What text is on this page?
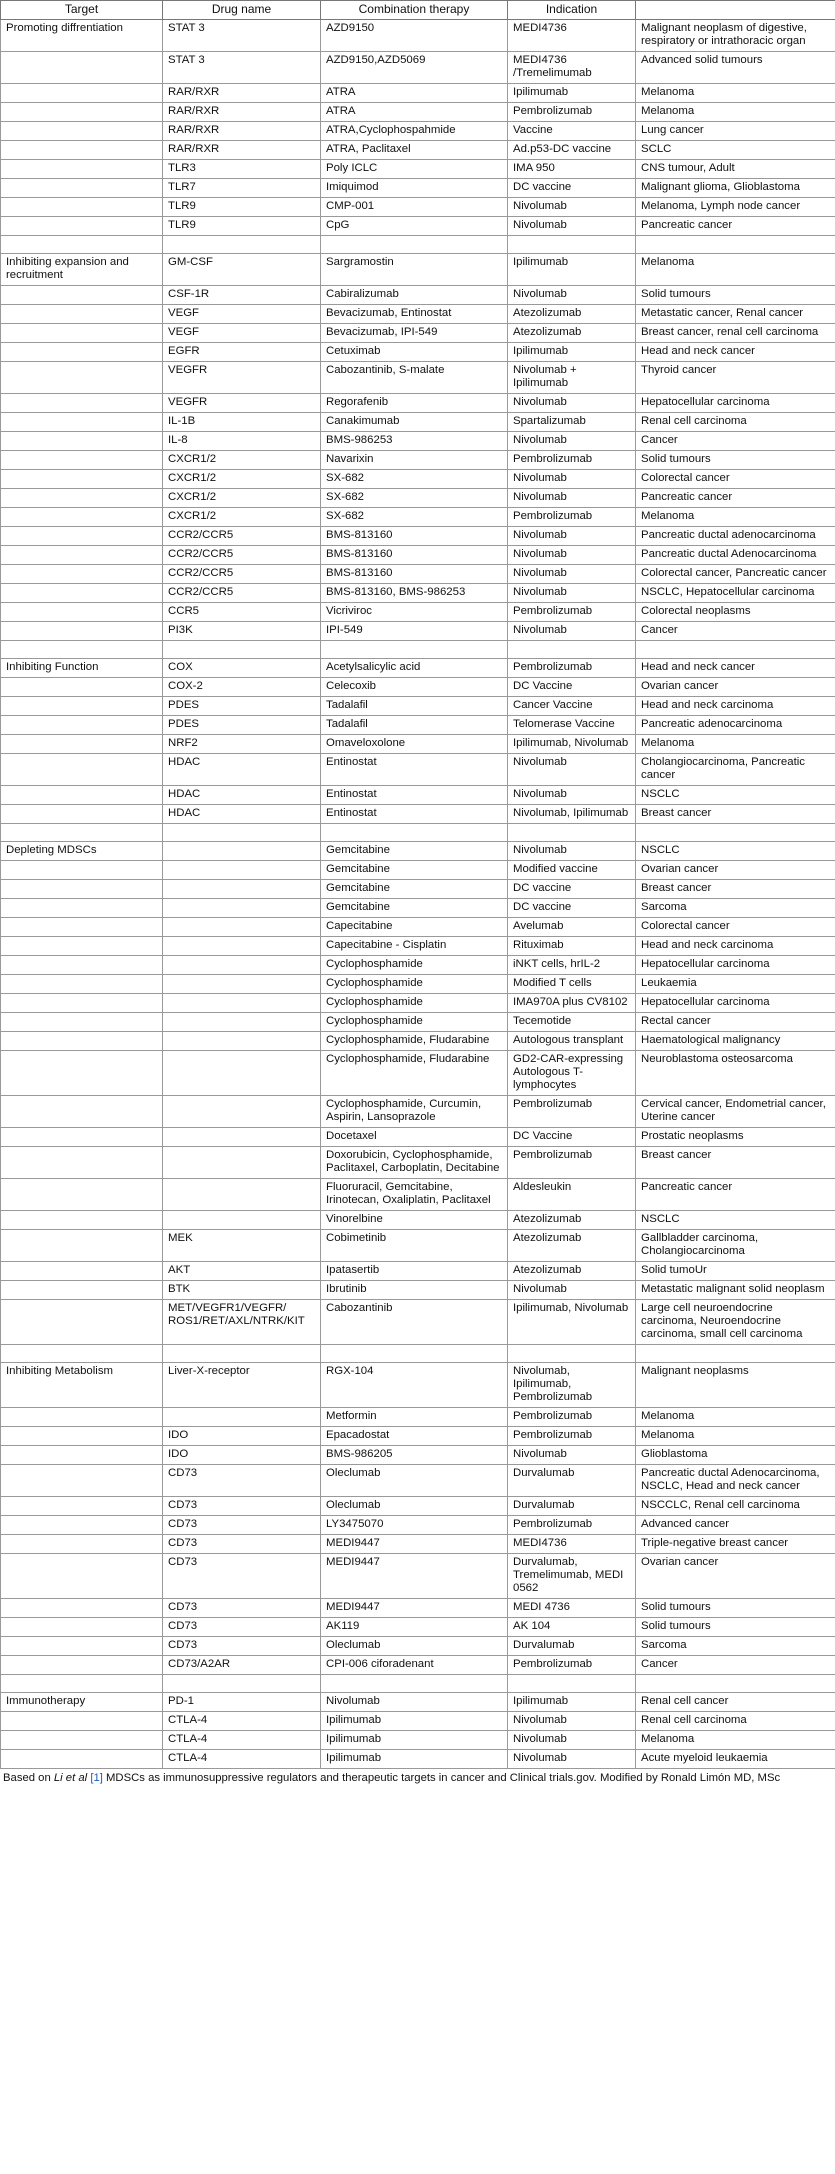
Target	Drug name	Combination therapy	Indication	
Promoting diffrentiation	STAT 3	AZD9150	MEDI4736	Malignant neoplasm of digestive, respiratory or intrathoracic organ
	STAT 3	AZD9150,AZD5069	MEDI4736 /Tremelimumab	Advanced solid tumours
	RAR/RXR	ATRA	Ipilimumab	Melanoma
	RAR/RXR	ATRA	Pembrolizumab	Melanoma
	RAR/RXR	ATRA,Cyclophospahmide	Vaccine	Lung cancer
	RAR/RXR	ATRA, Paclitaxel	Ad.p53-DC vaccine	SCLC
	TLR3	Poly ICLC	IMA 950	CNS tumour, Adult
	TLR7	Imiquimod	DC vaccine	Malignant glioma, Glioblastoma
	TLR9	CMP-001	Nivolumab	Melanoma, Lymph node cancer
	TLR9	CpG	Nivolumab	Pancreatic cancer

Inhibiting expansion and recruitment	GM-CSF	Sargramostin	Ipilimumab	Melanoma
	CSF-1R	Cabiralizumab	Nivolumab	Solid tumours
	VEGF	Bevacizumab, Entinostat	Atezolizumab	Metastatic cancer, Renal cancer
	VEGF	Bevacizumab, IPI-549	Atezolizumab	Breast cancer, renal cell carcinoma
	EGFR	Cetuximab	Ipilimumab	Head and neck cancer
	VEGFR	Cabozantinib, S-malate	Nivolumab + Ipilimumab	Thyroid cancer
	VEGFR	Regorafenib	Nivolumab	Hepatocellular carcinoma
	IL-1B	Canakimumab	Spartalizumab	Renal cell carcinoma
	IL-8	BMS-986253	Nivolumab	Cancer
	CXCR1/2	Navarixin	Pembrolizumab	Solid tumours
	CXCR1/2	SX-682	Nivolumab	Colorectal cancer
	CXCR1/2	SX-682	Nivolumab	Pancreatic cancer
	CXCR1/2	SX-682	Pembrolizumab	Melanoma
	CCR2/CCR5	BMS-813160	Nivolumab	Pancreatic ductal adenocarcinoma
	CCR2/CCR5	BMS-813160	Nivolumab	Pancreatic ductal Adenocarcinoma
	CCR2/CCR5	BMS-813160	Nivolumab	Colorectal cancer, Pancreatic cancer
	CCR2/CCR5	BMS-813160, BMS-986253	Nivolumab	NSCLC, Hepatocellular carcinoma
	CCR5	Vicriviroc	Pembrolizumab	Colorectal neoplasms
	PI3K	IPI-549	Nivolumab	Cancer

Inhibiting Function	COX	Acetylsalicylic acid	Pembrolizumab	Head and neck cancer
	COX-2	Celecoxib	DC Vaccine	Ovarian cancer
	PDES	Tadalafil	Cancer Vaccine	Head and neck carcinoma
	PDES	Tadalafil	Telomerase Vaccine	Pancreatic adenocarcinoma
	NRF2	Omaveloxolone	Ipilimumab, Nivolumab	Melanoma
	HDAC	Entinostat	Nivolumab	Cholangiocarcinoma, Pancreatic cancer
	HDAC	Entinostat	Nivolumab	NSCLC
	HDAC	Entinostat	Nivolumab, Ipilimumab	Breast cancer

Depleting MDSCs		Gemcitabine	Nivolumab	NSCLC
		Gemcitabine	Modified vaccine	Ovarian cancer
		Gemcitabine	DC vaccine	Breast cancer
		Gemcitabine	DC vaccine	Sarcoma
		Capecitabine	Avelumab	Colorectal cancer
		Capecitabine - Cisplatin	Rituximab	Head and neck carcinoma
		Cyclophosphamide	iNKT cells, hrIL-2	Hepatocellular carcinoma
		Cyclophosphamide	Modified T cells	Leukaemia
		Cyclophosphamide	IMA970A plus CV8102	Hepatocellular carcinoma
		Cyclophosphamide	Tecemotide	Rectal cancer
		Cyclophosphamide, Fludarabine	Autologous transplant	Haematological malignancy
		Cyclophosphamide, Fludarabine	GD2-CAR-expressing Autologous T-lymphocytes	Neuroblastoma osteosarcoma
		Cyclophosphamide, Curcumin, Aspirin, Lansoprazole	Pembrolizumab	Cervical cancer, Endometrial cancer, Uterine cancer
		Docetaxel	DC Vaccine	Prostatic neoplasms
		Doxorubicin, Cyclophosphamide, Paclitaxel, Carboplatin, Decitabine	Pembrolizumab	Breast cancer
		Fluoruracil, Gemcitabine, Irinotecan, Oxaliplatin, Paclitaxel	Aldesleukin	Pancreatic cancer
		Vinorelbine	Atezolizumab	NSCLC
	MEK	Cobimetinib	Atezolizumab	Gallbladder carcinoma, Cholangiocarcinoma
	AKT	Ipatasertib	Atezolizumab	Solid tumoUr
	BTK	Ibrutinib	Nivolumab	Metastatic malignant solid neoplasm
	MET/VEGFR1/VEGFR/ ROS1/RET/AXL/NTRK/KIT	Cabozantinib	Ipilimumab, Nivolumab	Large cell neuroendocrine carcinoma, Neuroendocrine carcinoma, small cell carcinoma

Inhibiting Metabolism	Liver-X-receptor	RGX-104	Nivolumab, Ipilimumab, Pembrolizumab	Malignant neoplasms
		Metformin	Pembrolizumab	Melanoma
	IDO	Epacadostat	Pembrolizumab	Melanoma
	IDO	BMS-986205	Nivolumab	Glioblastoma
	CD73	Oleclumab	Durvalumab	Pancreatic ductal Adenocarcinoma, NSCLC, Head and neck cancer
	CD73	Oleclumab	Durvalumab	NSCCLC, Renal cell carcinoma
	CD73	LY3475070	Pembrolizumab	Advanced cancer
	CD73	MEDI9447	MEDI4736	Triple-negative breast cancer
	CD73	MEDI9447	Durvalumab, Tremelimumab, MEDI 0562	Ovarian cancer
	CD73	MEDI9447	MEDI 4736	Solid tumours
	CD73	AK119	AK 104	Solid tumours
	CD73	Oleclumab	Durvalumab	Sarcoma
	CD73/A2AR	CPI-006 ciforadenant	Pembrolizumab	Cancer

Immunotherapy	PD-1	Nivolumab	Ipilimumab	Renal cell cancer
	CTLA-4	Ipilimumab	Nivolumab	Renal cell carcinoma
	CTLA-4	Ipilimumab	Nivolumab	Melanoma
	CTLA-4	Ipilimumab	Nivolumab	Acute myeloid leukaemia
Based on Li et al [1] MDSCs as immunosuppressive regulators and therapeutic targets in cancer and Clinical trials.gov. Modified by Ronald Limón MD, MSc
